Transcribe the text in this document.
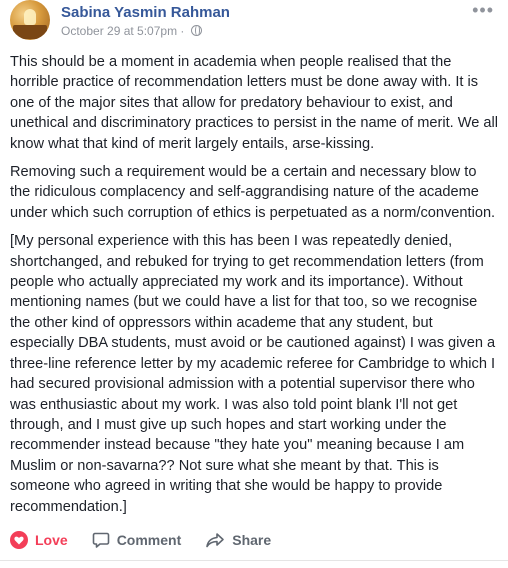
Sabina Yasmin Rahman
October 29 at 5:07pm ·
•••

This should be a moment in academia when people realised that the horrible practice of recommendation letters must be done away with. It is one of the major sites that allow for predatory behaviour to exist, and unethical and discriminatory practices to persist in the name of merit. We all know what that kind of merit largely entails, arse-kissing.

Removing such a requirement would be a certain and necessary blow to the ridiculous complacency and self-aggrandising nature of the academe under which such corruption of ethics is perpetuated as a norm/convention.

[My personal experience with this has been I was repeatedly denied, shortchanged, and rebuked for trying to get recommendation letters (from people who actually appreciated my work and its importance). Without mentioning names (but we could have a list for that too, so we recognise the other kind of oppressors within academe that any student, but especially DBA students, must avoid or be cautioned against) I was given a three-line reference letter by my academic referee for Cambridge to which I had secured provisional admission with a potential supervisor there who was enthusiastic about my work. I was also told point blank I'll not get through, and I must give up such hopes and start working under the recommender instead because "they hate you" meaning because I am Muslim or non-savarna?? Not sure what she meant by that. This is someone who agreed in writing that she would be happy to provide recommendation.]

Love	Comment	Share
